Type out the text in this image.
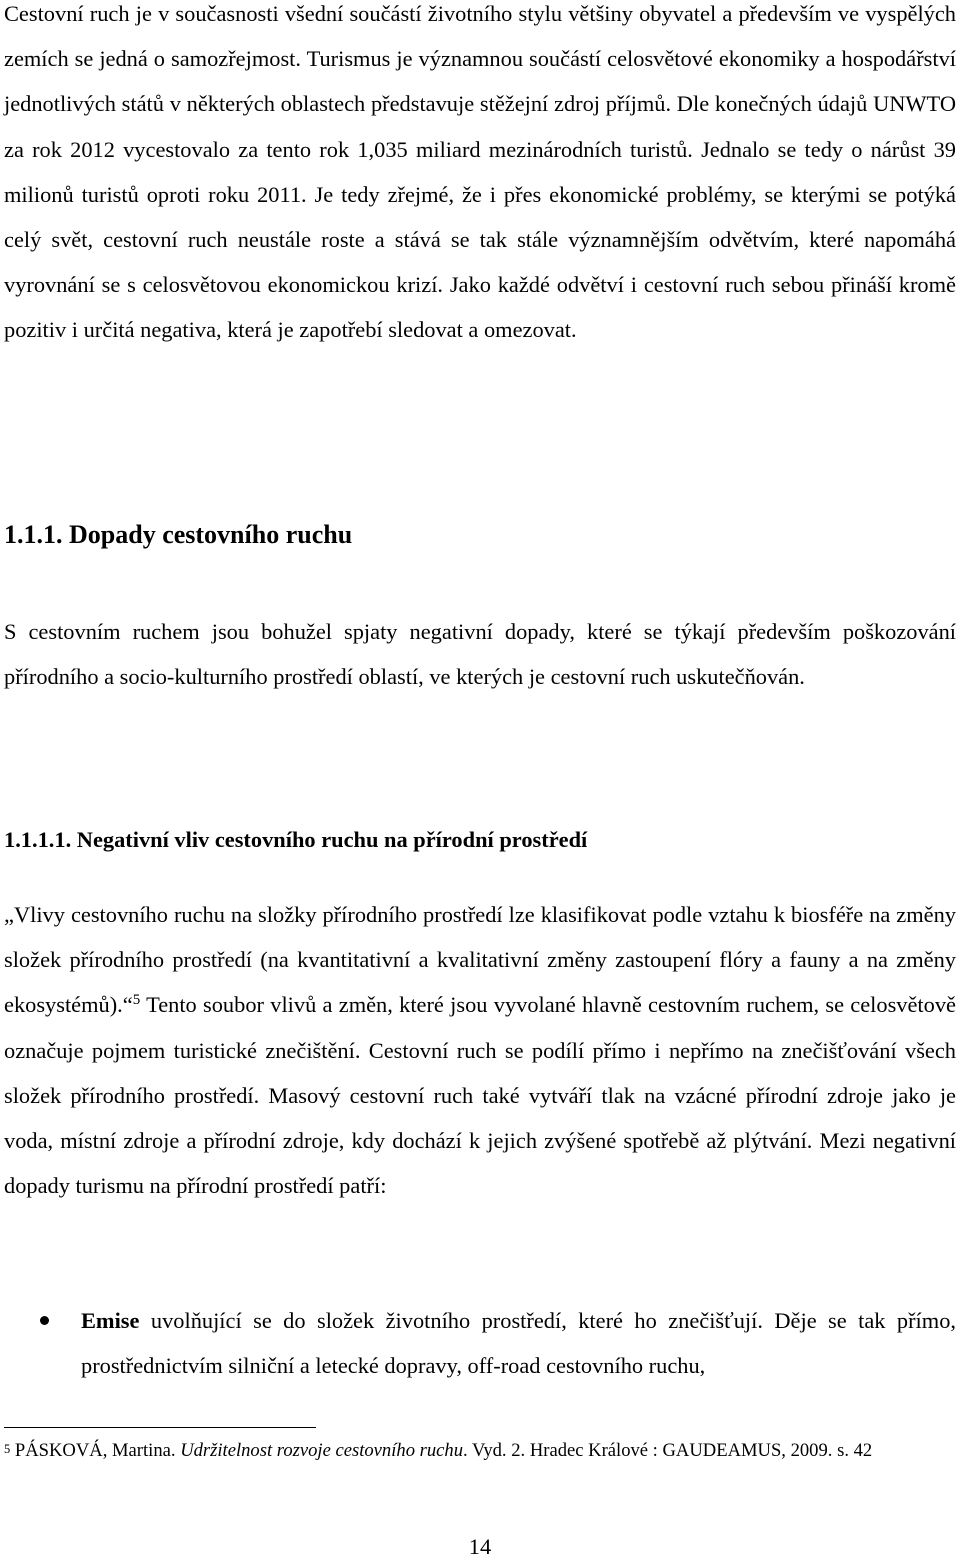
Cestovní ruch je v současnosti všední součástí životního stylu většiny obyvatel a především ve vyspělých zemích se jedná o samozřejmost. Turismus je významnou součástí celosvětové ekonomiky a hospodářství jednotlivých států v některých oblastech představuje stěžejní zdroj příjmů. Dle konečných údajů UNWTO za rok 2012 vycestovalo za tento rok 1,035 miliard mezinárodních turistů. Jednalo se tedy o nárůst 39 milionů turistů oproti roku 2011. Je tedy zřejmé, že i přes ekonomické problémy, se kterými se potýká celý svět, cestovní ruch neustále roste a stává se tak stále významnějším odvětvím, které napomáhá vyrovnání se s celosvětovou ekonomickou krizí. Jako každé odvětví i cestovní ruch sebou přináší kromě pozitiv i určitá negativa, která je zapotřebí sledovat a omezovat.

1.1.1. Dopady cestovního ruchu

S cestovním ruchem jsou bohužel spjaty negativní dopady, které se týkají především poškozování přírodního a socio-kulturního prostředí oblastí, ve kterých je cestovní ruch uskutečňován.

1.1.1.1. Negativní vliv cestovního ruchu na přírodní prostředí

„Vlivy cestovního ruchu na složky přírodního prostředí lze klasifikovat podle vztahu k biosféře na změny složek přírodního prostředí (na kvantitativní a kvalitativní změny zastoupení flóry a fauny a na změny ekosystémů).“$^5$ Tento soubor vlivů a změn, které jsou vyvolané hlavně cestovním ruchem, se celosvětově označuje pojmem turistické znečištění. Cestovní ruch se podílí přímo i nepřímo na znečišťování všech složek přírodního prostředí. Masový cestovní ruch také vytváří tlak na vzácné přírodní zdroje jako je voda, místní zdroje a přírodní zdroje, kdy dochází k jejich zvýšené spotřebě až plýtvání. Mezi negativní dopady turismu na přírodní prostředí patří:

Emise uvolňující se do složek životního prostředí, které ho znečišťují. Děje se tak přímo, prostřednictvím silniční a letecké dopravy, off-road cestovního ruchu,

$^5$ PÁSKOVÁ, Martina. Udržitelnost rozvoje cestovního ruchu. Vyd. 2. Hradec Králové : GAUDEAMUS, 2009. s. 42

14
